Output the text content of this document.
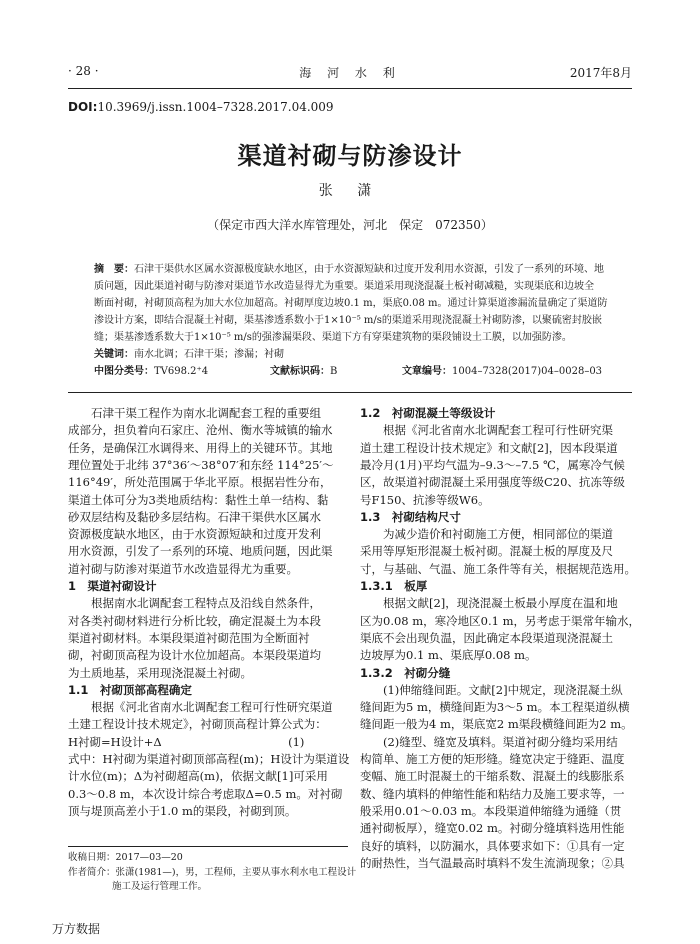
· 28 ·	海 河 水 利	2017年8月
DOI:10.3969/j.issn.1004–7328.2017.04.009
渠道衬砌与防渗设计
张 潇
（保定市西大洋水库管理处，河北　保定　072350）
摘　要：石津干渠供水区属水资源极度缺水地区，由于水资源短缺和过度开发利用水资源，引发了一系列的环境、地
质问题，因此渠道衬砌与防渗对渠道节水改造显得尤为重要。渠道采用现浇混凝土板衬砌减糙，实现渠底和边坡全
断面衬砌，衬砌顶高程为加大水位加超高。衬砌厚度边坡0.1 m，渠底0.08 m。通过计算渠道渗漏流量确定了渠道防
渗设计方案，即结合混凝土衬砌，渠基渗透系数小于1×10⁻⁵ m/s的渠道采用现浇混凝土衬砌防渗，以聚硫密封胶嵌
缝；渠基渗透系数大于1×10⁻⁵ m/s的强渗漏渠段、渠道下方有穿渠建筑物的渠段铺设土工膜，以加强防渗。
关键词：南水北调；石津干渠；渗漏；衬砌
中图分类号：TV698.2⁺4	文献标识码：B	文章编号：1004–7328(2017)04–0028–03
　　石津干渠工程作为南水北调配套工程的重要组
成部分，担负着向石家庄、沧州、衡水等城镇的输水
任务，是确保江水调得来、用得上的关键环节。其地
理位置处于北纬 37°36′～38°07′和东经 114°25′～
116°49′，所处范围属于华北平原。根据岩性分布，
渠道土体可分为3类地质结构：黏性土单一结构、黏
砂双层结构及黏砂多层结构。石津干渠供水区属水
资源极度缺水地区，由于水资源短缺和过度开发利
用水资源，引发了一系列的环境、地质问题，因此渠
道衬砌与防渗对渠道节水改造显得尤为重要。
1　渠道衬砌设计
　　根据南水北调配套工程特点及沿线自然条件，
对各类衬砌材料进行分析比较，确定混凝土为本段
渠道衬砌材料。本渠段渠道衬砌范围为全断面衬
砌，衬砌顶高程为设计水位加超高。本渠段渠道均
为土质地基，采用现浇混凝土衬砌。
1.1　衬砌顶部高程确定
　　根据《河北省南水北调配套工程可行性研究渠道
土建工程设计技术规定》，衬砌顶高程计算公式为：
H衬砌=H设计+Δ　　　　　　　　　　　(1)
式中：H衬砌为渠道衬砌顶部高程(m)；H设计为渠道设
计水位(m)；Δ为衬砌超高(m)，依据文献[1]可采用
0.3～0.8 m，本次设计综合考虑取Δ=0.5 m。对衬砌
顶与堤顶高差小于1.0 m的渠段，衬砌到顶。
1.2　衬砌混凝土等级设计
　　根据《河北省南水北调配套工程可行性研究渠
道土建工程设计技术规定》和文献[2]，因本段渠道
最冷月(1月)平均气温为–9.3～–7.5 ℃，属寒冷气候
区，故渠道衬砌混凝土采用强度等级C20、抗冻等级
号F150、抗渗等级W6。
1.3　衬砌结构尺寸
　　为减少造价和衬砌施工方便，相同部位的渠道
采用等厚矩形混凝土板衬砌。混凝土板的厚度及尺
寸，与基础、气温、施工条件等有关，根据规范选用。
1.3.1　板厚
　　根据文献[2]，现浇混凝土板最小厚度在温和地
区为0.08 m，寒冷地区0.1 m，另考虑于渠常年输水，
渠底不会出现负温，因此确定本段渠道现浇混凝土
边坡厚为0.1 m、渠底厚0.08 m。
1.3.2　衬砌分缝
　　(1)伸缩缝间距。文献[2]中规定，现浇混凝土纵
缝间距为5 m，横缝间距为3～5 m。本工程渠道纵横
缝间距一般为4 m，渠底宽2 m渠段横缝间距为2 m。
　　(2)缝型、缝宽及填料。渠道衬砌分缝均采用结
构简单、施工方便的矩形缝。缝宽决定于缝距、温度
变幅、施工时混凝土的干缩系数、混凝土的线膨胀系
数、缝内填料的伸缩性能和粘结力及施工要求等，一
般采用0.01～0.03 m。本段渠道伸缩缝为通缝（贯
通衬砌板厚），缝宽0.02 m。衬砌分缝填料选用性能
良好的填料，以防漏水，具体要求如下：①具有一定
的耐热性，当气温最高时填料不发生流淌现象；②具
收稿日期：2017—03—20
作者简介：张潇(1981—)，男，工程师，主要从事水利水电工程设计
施工及运行管理工作。
万方数据
